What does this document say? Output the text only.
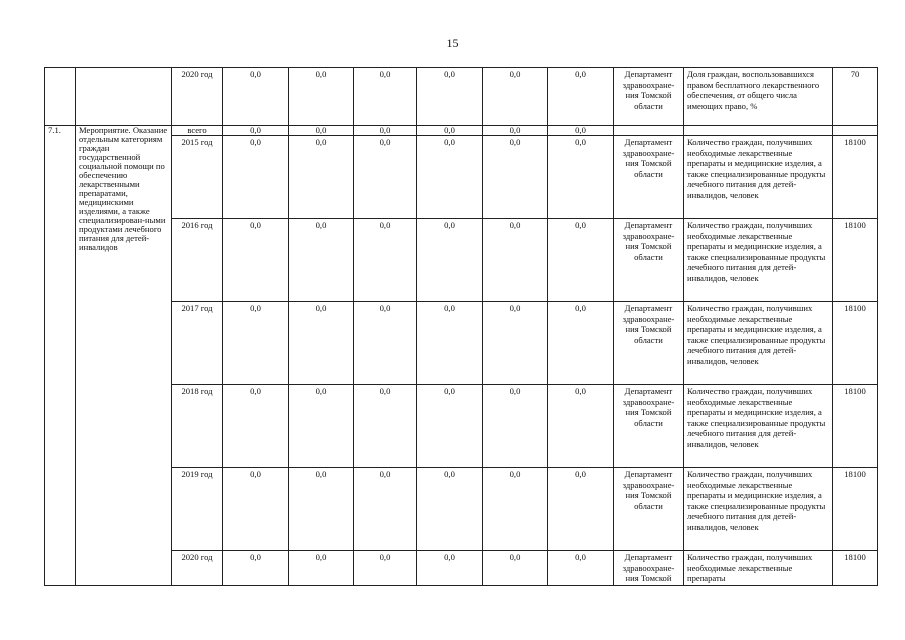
15
		2020 год	0,0	0,0	0,0	0,0	0,0	0,0	Департамент здравоохране-ния Томской области	Доля граждан, воспользовавшихся правом бесплатного лекарственного обеспечения, от общего числа имеющих право, %	70
7.1.	Мероприятие. Оказание отдельным категориям граждан государственной социальной помощи по обеспечению лекарственными препаратами, медицинскими изделиями, а также специализирован-ными продуктами лечебного питания для детей-инвалидов	всего	0,0	0,0	0,0	0,0	0,0	0,0			
		2015 год	0,0	0,0	0,0	0,0	0,0	0,0	Департамент здравоохране-ния Томской области	Количество граждан, получивших необходимые лекарственные препараты и медицинские изделия, а также специализированные продукты лечебного питания для детей-инвалидов, человек	18100
		2016 год	0,0	0,0	0,0	0,0	0,0	0,0	Департамент здравоохране-ния Томской области	Количество граждан, получивших необходимые лекарственные препараты и медицинские изделия, а также специализированные продукты лечебного питания для детей-инвалидов, человек	18100
		2017 год	0,0	0,0	0,0	0,0	0,0	0,0	Департамент здравоохране-ния Томской области	Количество граждан, получивших необходимые лекарственные препараты и медицинские изделия, а также специализированные продукты лечебного питания для детей-инвалидов, человек	18100
		2018 год	0,0	0,0	0,0	0,0	0,0	0,0	Департамент здравоохране-ния Томской области	Количество граждан, получивших необходимые лекарственные препараты и медицинские изделия, а также специализированные продукты лечебного питания для детей-инвалидов, человек	18100
		2019 год	0,0	0,0	0,0	0,0	0,0	0,0	Департамент здравоохране-ния Томской области	Количество граждан, получивших необходимые лекарственные препараты и медицинские изделия, а также специализированные продукты лечебного питания для детей-инвалидов, человек	18100
		2020 год	0,0	0,0	0,0	0,0	0,0	0,0	Департамент здравоохране-ния Томской	Количество граждан, получивших необходимые лекарственные препараты	18100
